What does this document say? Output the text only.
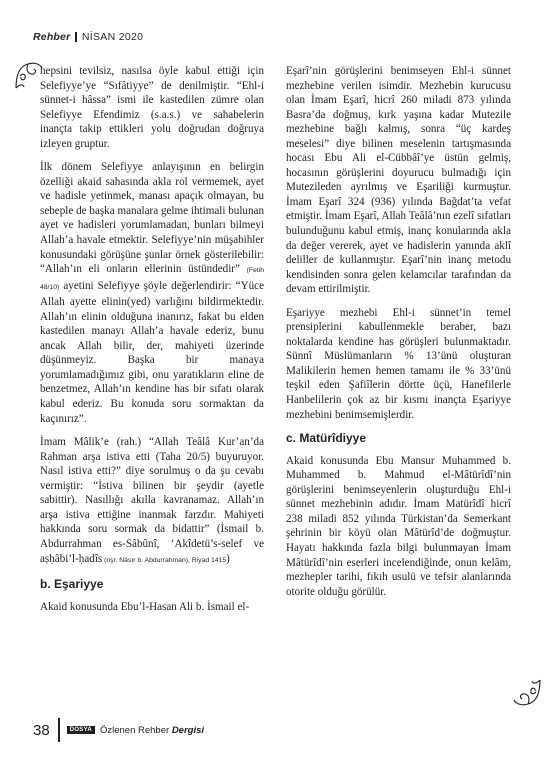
Rehber NİSAN 2020

hepsini tevilsiz, nasılsa öyle kabul ettiği için Selefiyye’ye “Sıfâtiyye” de denilmiştir. “Ehl-i sünnet-i hâssa” ismi ile kastedilen zümre olan Selefiyye Efendimiz (s.a.s.) ve sahabelerin inançta takip ettikleri yolu doğrudan doğruya izleyen gruptur.

İlk dönem Selefiyye anlayışının en belirgin özelliği akaid sahasında akla rol vermemek, ayet ve hadisle yetinmek, manası apaçık olmayan, bu sebeple de başka manalara gelme ihtimali bulunan ayet ve hadisleri yorumlamadan, bunları bilmeyi Allah’a havale etmektir. Selefiyye’nin müşabihler konusundaki görüşüne şunlar örnek gösterilebilir: “Allah’ın eli onların ellerinin üstündedir” (Fetih 48/10) ayetini Selefiyye şöyle değerlendirir: “Yüce Allah ayette elinin(yed) varlığını bildirmektedir. Allah’ın elinin olduğuna inanırız, fakat bu elden kastedilen manayı Allah’a havale ederiz, bunu ancak Allah bilir, der, mahiyeti üzerinde düşünmeyiz. Başka bir manaya yorumlamadığımız gibi, onu yaratıkların eline de benzetmez, Allah’ın kendine has bir sıfatı olarak kabul ederiz. Bu konuda soru sormaktan da kaçınırız”.

İmam Mâlik’e (rah.) “Allah Teâlâ Kur’an’da Rahman arşa istiva etti (Taha 20/5) buyuruyor. Nasıl istiva etti?” diye sorulmuş o da şu cevabı vermiştir: “İstiva bilinen bir şeydir (ayetle sabittir). Nasıllığı akılla kavranamaz. Allah’ın arşa istiva ettiğine inanmak farzdır. Mahiyeti hakkında soru sormak da bidattir” (İsmail b. Abdurrahman es-Sâbûnî, ‘Akîdetü’s-selef ve aṣḥâbi’l-ḥadîs (nşr. Nâsır b. Abdurrahman), Riyad 1415)

b. Eşariyye

Akaid konusunda Ebu’l-Hasan Ali b. İsmail el-

Eşarî’nin görüşlerini benimseyen Ehl-i sünnet mezhebine verilen isimdir. Mezhebin kurucusu olan İmam Eşarî, hicrî 260 miladi 873 yılında Basra’da doğmuş, kırk yaşına kadar Mutezile mezhebine bağlı kalmış, sonra “üç kardeş meselesi” diye bilinen meselenin tartışmasında hocası Ebu Ali el-Cübbâî’ye üstün gelmiş, hocasının görüşlerini doyurucu bulmadığı için Mutezileden ayrılmış ve Eşariliği kurmuştur. İmam Eşarî 324 (936) yılında Bağdat’ta vefat etmiştir. İmam Eşarî, Allah Teâlâ’nın ezelî sıfatları bulunduğunu kabul etmiş, inanç konularında akla da değer vererek, ayet ve hadislerin yanında aklî deliller de kullanmıştır. Eşarî’nin inanç metodu kendisinden sonra gelen kelamcılar tarafından da devam ettirilmiştir.

Eşariyye mezhebi Ehl-i sünnet’in temel prensiplerini kabullenmekle beraber, bazı noktalarda kendine has görüşleri bulunmaktadır. Sünnî Müslümanların % 13’ünü oluşturan Malikilerin hemen hemen tamamı ile % 33’ünü teşkil eden Şafiîlerin dörtte üçü, Hanefilerle Hanbelilerin çok az bir kısmı inançta Eşariyye mezhebini benimsemişlerdir.

c. Matürîdiyye

Akaid konusunda Ebu Mansur Muhammed b. Muhammed b. Mahmud el-Mâtürîdî’nin görüşlerini benimseyenlerin oluşturduğu Ehl-i sünnet mezhebinin adıdır. İmam Matürîdî hicrî 238 miladi 852 yılında Türkistan’da Semerkant şehrinin bir köyü olan Mâtürîd’de doğmuştur. Hayatı hakkında fazla bilgi bulunmayan İmam Mâtürîdî’nin eserleri incelendiğinde, onun kelâm, mezhepler tarihi, fıkıh usulü ve tefsir alanlarında otorite olduğu görülür.

38	DOSYA Özlenen Rehber Dergisi
